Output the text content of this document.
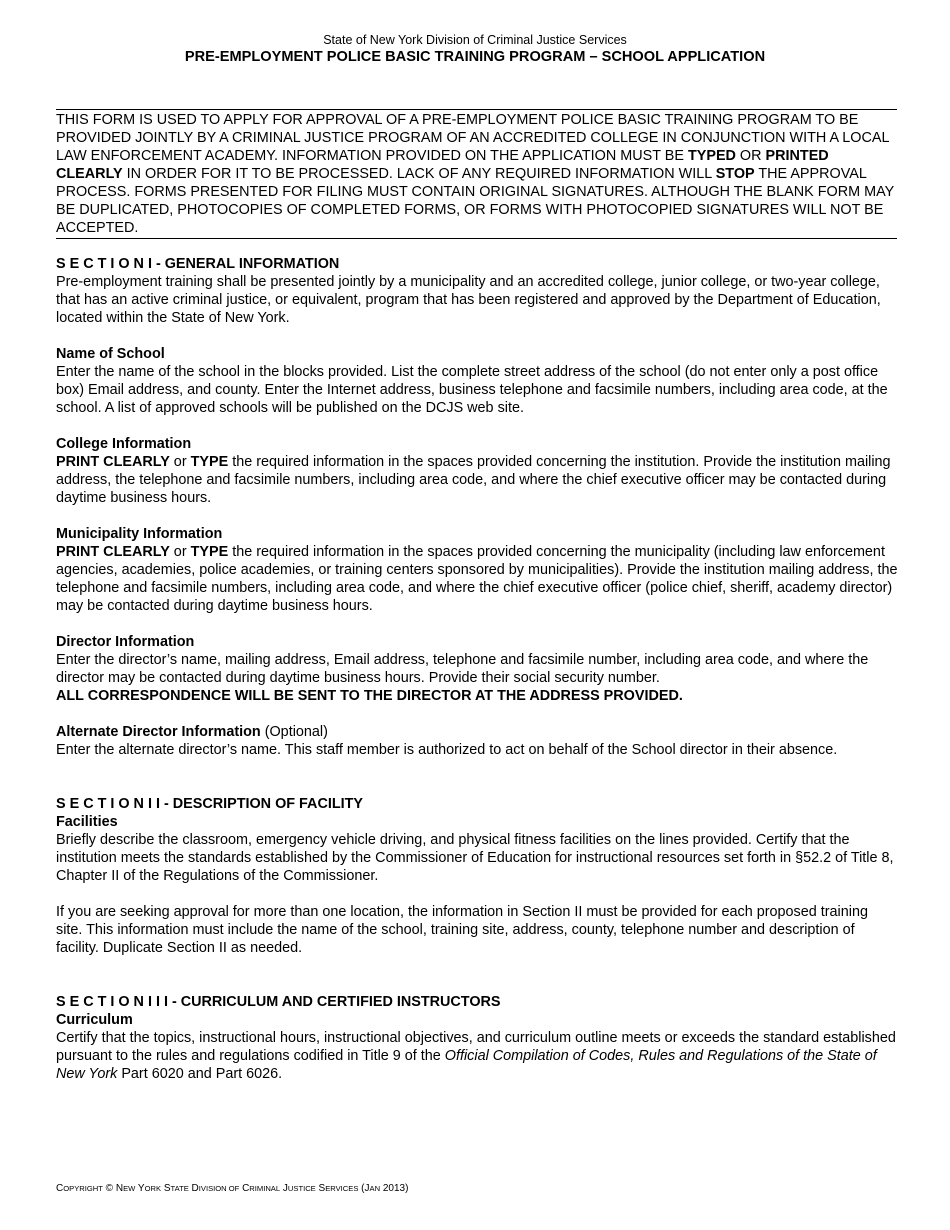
State of New York Division of Criminal Justice Services
PRE-EMPLOYMENT POLICE BASIC TRAINING PROGRAM – SCHOOL APPLICATION
THIS FORM IS USED TO APPLY FOR APPROVAL OF A PRE-EMPLOYMENT POLICE BASIC TRAINING PROGRAM TO BE PROVIDED JOINTLY BY A CRIMINAL JUSTICE PROGRAM OF AN ACCREDITED COLLEGE IN CONJUNCTION WITH A LOCAL LAW ENFORCEMENT ACADEMY. INFORMATION PROVIDED ON THE APPLICATION MUST BE TYPED OR PRINTED CLEARLY IN ORDER FOR IT TO BE PROCESSED. LACK OF ANY REQUIRED INFORMATION WILL STOP THE APPROVAL PROCESS. FORMS PRESENTED FOR FILING MUST CONTAIN ORIGINAL SIGNATURES. ALTHOUGH THE BLANK FORM MAY BE DUPLICATED, PHOTOCOPIES OF COMPLETED FORMS, OR FORMS WITH PHOTOCOPIED SIGNATURES WILL NOT BE ACCEPTED.

S E C T I O N I - GENERAL INFORMATION

Pre-employment training shall be presented jointly by a municipality and an accredited college, junior college, or two-year college, that has an active criminal justice, or equivalent, program that has been registered and approved by the Department of Education, located within the State of New York.

Name of School

Enter the name of the school in the blocks provided. List the complete street address of the school (do not enter only a post office box) Email address, and county. Enter the Internet address, business telephone and facsimile numbers, including area code, at the school. A list of approved schools will be published on the DCJS web site.

College Information

PRINT CLEARLY or TYPE the required information in the spaces provided concerning the institution. Provide the institution mailing address, the telephone and facsimile numbers, including area code, and where the chief executive officer may be contacted during daytime business hours.

Municipality Information

PRINT CLEARLY or TYPE the required information in the spaces provided concerning the municipality (including law enforcement agencies, academies, police academies, or training centers sponsored by municipalities). Provide the institution mailing address, the telephone and facsimile numbers, including area code, and where the chief executive officer (police chief, sheriff, academy director) may be contacted during daytime business hours.

Director Information

Enter the director’s name, mailing address, Email address, telephone and facsimile number, including area code, and where the director may be contacted during daytime business hours. Provide their social security number.

ALL CORRESPONDENCE WILL BE SENT TO THE DIRECTOR AT THE ADDRESS PROVIDED.

Alternate Director Information (Optional)

Enter the alternate director’s name. This staff member is authorized to act on behalf of the School director in their absence.

S E C T I O N I I - DESCRIPTION OF FACILITY

Facilities

Briefly describe the classroom, emergency vehicle driving, and physical fitness facilities on the lines provided. Certify that the institution meets the standards established by the Commissioner of Education for instructional resources set forth in §52.2 of Title 8, Chapter II of the Regulations of the Commissioner.

If you are seeking approval for more than one location, the information in Section II must be provided for each proposed training site. This information must include the name of the school, training site, address, county, telephone number and description of facility. Duplicate Section II as needed.

S E C T I O N I I I - CURRICULUM AND CERTIFIED INSTRUCTORS

Curriculum

Certify that the topics, instructional hours, instructional objectives, and curriculum outline meets or exceeds the standard established pursuant to the rules and regulations codified in Title 9 of the Official Compilation of Codes, Rules and Regulations of the State of New York Part 6020 and Part 6026.

COPYRIGHT © NEW YORK STATE DIVISION OF CRIMINAL JUSTICE SERVICES (JAN 2013)
